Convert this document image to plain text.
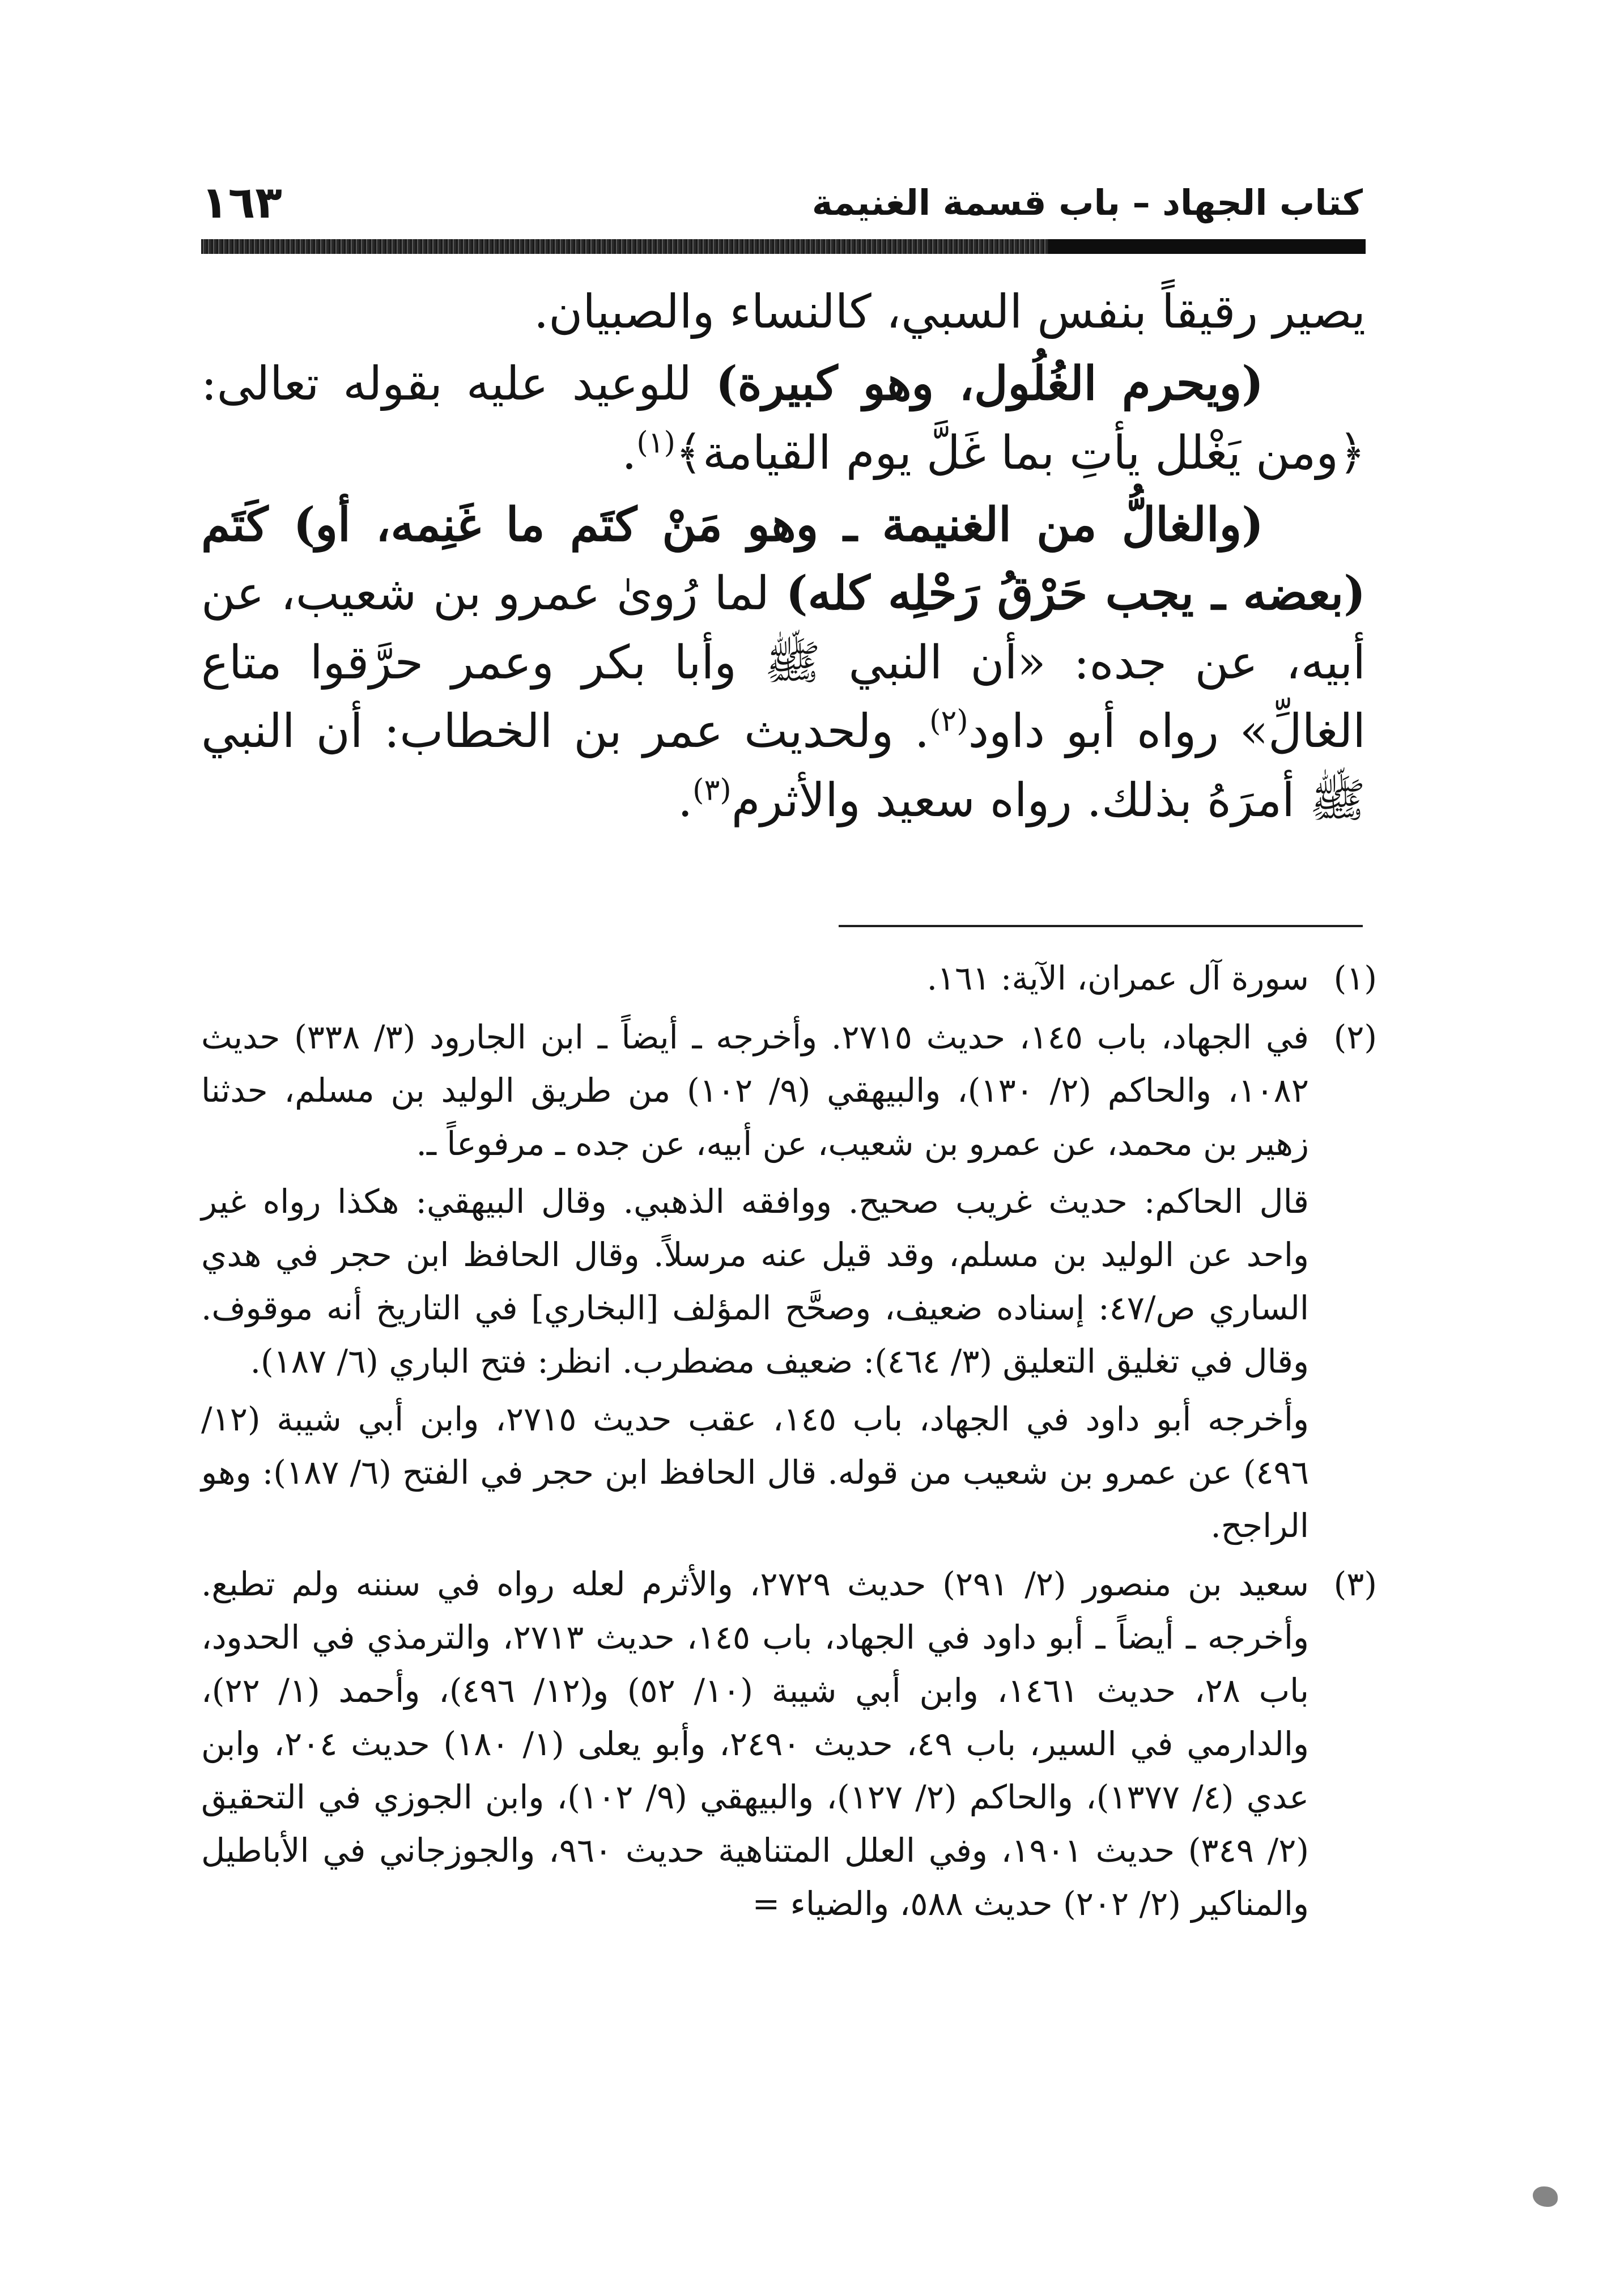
كتاب الجهاد – باب قسمة الغنيمة
١٦٣

يصير رقيقاً بنفس السبي، كالنساء والصبيان.

(ويحرم الغُلُول، وهو كبيرة) للوعيد عليه بقوله تعالى: ﴿ومن يَغْلل يأتِ بما غَلَّ يوم القيامة﴾$^{(١)}$.

(والغالُّ من الغنيمة ـ وهو مَنْ كتَم ما غَنِمه، أو) كَتَم (بعضه ـ يجب حَرْقُ رَحْلِه كله) لما رُوىٰ عمرو بن شعيب، عن أبيه، عن جده: «أن النبي ﷺ وأبا بكر وعمر حرَّقوا متاع الغالِّ» رواه أبو داود$^{(٢)}$. ولحديث عمر بن الخطاب: أن النبي ﷺ أمرَهُ بذلك. رواه سعيد والأثرم$^{(٣)}$.

(١)

سورة آل عمران، الآية: ١٦١.

(٢)

في الجهاد، باب ١٤٥، حديث ٢٧١٥. وأخرجه ـ أيضاً ـ ابن الجارود (٣/ ٣٣٨) حديث ١٠٨٢، والحاكم (٢/ ١٣٠)، والبيهقي (٩/ ١٠٢) من طريق الوليد بن مسلم، حدثنا زهير بن محمد، عن عمرو بن شعيب، عن أبيه، عن جده ـ مرفوعاً ـ.

قال الحاكم: حديث غريب صحيح. ووافقه الذهبي. وقال البيهقي: هكذا رواه غير واحد عن الوليد بن مسلم، وقد قيل عنه مرسلاً. وقال الحافظ ابن حجر في هدي الساري ص/٤٧: إسناده ضعيف، وصحَّح المؤلف [البخاري] في التاريخ أنه موقوف. وقال في تغليق التعليق (٣/ ٤٦٤): ضعيف مضطرب. انظر: فتح الباري (٦/ ١٨٧).

وأخرجه أبو داود في الجهاد، باب ١٤٥، عقب حديث ٢٧١٥، وابن أبي شيبة (١٢/ ٤٩٦) عن عمرو بن شعيب من قوله. قال الحافظ ابن حجر في الفتح (٦/ ١٨٧): وهو الراجح.

(٣)

سعيد بن منصور (٢/ ٢٩١) حديث ٢٧٢٩، والأثرم لعله رواه في سننه ولم تطبع. وأخرجه ـ أيضاً ـ أبو داود في الجهاد، باب ١٤٥، حديث ٢٧١٣، والترمذي في الحدود، باب ٢٨، حديث ١٤٦١، وابن أبي شيبة (١٠/ ٥٢) و(١٢/ ٤٩٦)، وأحمد (١/ ٢٢)، والدارمي في السير، باب ٤٩، حديث ٢٤٩٠، وأبو يعلى (١/ ١٨٠) حديث ٢٠٤، وابن عدي (٤/ ١٣٧٧)، والحاكم (٢/ ١٢٧)، والبيهقي (٩/ ١٠٢)، وابن الجوزي في التحقيق (٢/ ٣٤٩) حديث ١٩٠١، وفي العلل المتناهية حديث ٩٦٠، والجوزجاني في الأباطيل والمناكير (٢/ ٢٠٢) حديث ٥٨٨، والضياء =
